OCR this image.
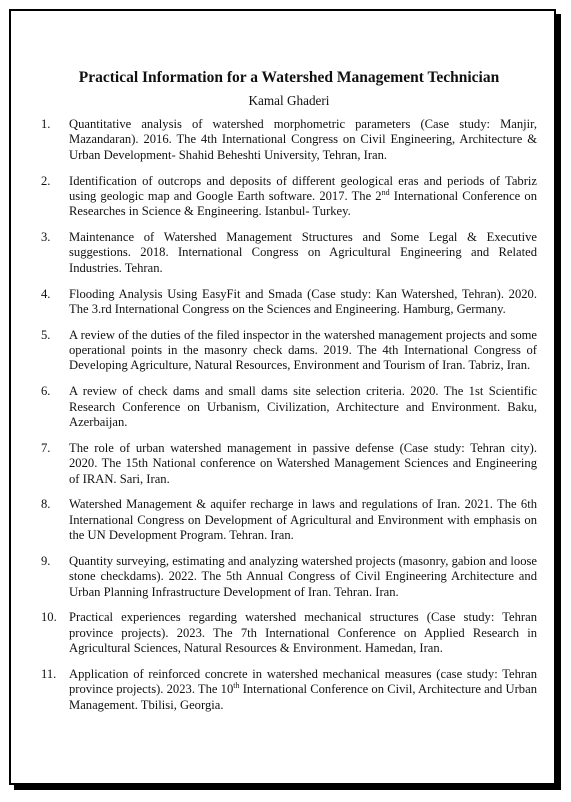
Practical Information for a Watershed Management Technician
Kamal Ghaderi
1.	Quantitative analysis of watershed morphometric parameters (Case study: Manjir, Mazandaran). 2016. The 4th International Congress on Civil Engineering, Architecture & Urban Development- Shahid Beheshti University, Tehran, Iran.
2.	Identification of outcrops and deposits of different geological eras and periods of Tabriz using geologic map and Google Earth software. 2017. The 2nd International Conference on Researches in Science & Engineering. Istanbul- Turkey.
3.	Maintenance of Watershed Management Structures and Some Legal & Executive suggestions. 2018. International Congress on Agricultural Engineering and Related Industries. Tehran.
4.	Flooding Analysis Using EasyFit and Smada (Case study: Kan Watershed, Tehran). 2020. The 3.rd International Congress on the Sciences and Engineering. Hamburg, Germany.
5.	A review of the duties of the filed inspector in the watershed management projects and some operational points in the masonry check dams. 2019. The 4th International Congress of Developing Agriculture, Natural Resources, Environment and Tourism of Iran. Tabriz, Iran.
6.	A review of check dams and small dams site selection criteria. 2020. The 1st Scientific Research Conference on Urbanism, Civilization, Architecture and Environment. Baku, Azerbaijan.
7.	The role of urban watershed management in passive defense (Case study: Tehran city). 2020. The 15th National conference on Watershed Management Sciences and Engineering of IRAN. Sari, Iran.
8.	Watershed Management & aquifer recharge in laws and regulations of Iran. 2021. The 6th International Congress on Development of Agricultural and Environment with emphasis on the UN Development Program. Tehran. Iran.
9.	Quantity surveying, estimating and analyzing watershed projects (masonry, gabion and loose stone checkdams). 2022. The 5th Annual Congress of Civil Engineering Architecture and Urban Planning Infrastructure Development of Iran. Tehran. Iran.
10. Practical experiences regarding watershed mechanical structures (Case study: Tehran province projects). 2023. The 7th International Conference on Applied Research in Agricultural Sciences, Natural Resources & Environment. Hamedan, Iran.
11.	Application of reinforced concrete in watershed mechanical measures (case study: Tehran province projects). 2023. The 10th International Conference on Civil, Architecture and Urban Management. Tbilisi, Georgia.
